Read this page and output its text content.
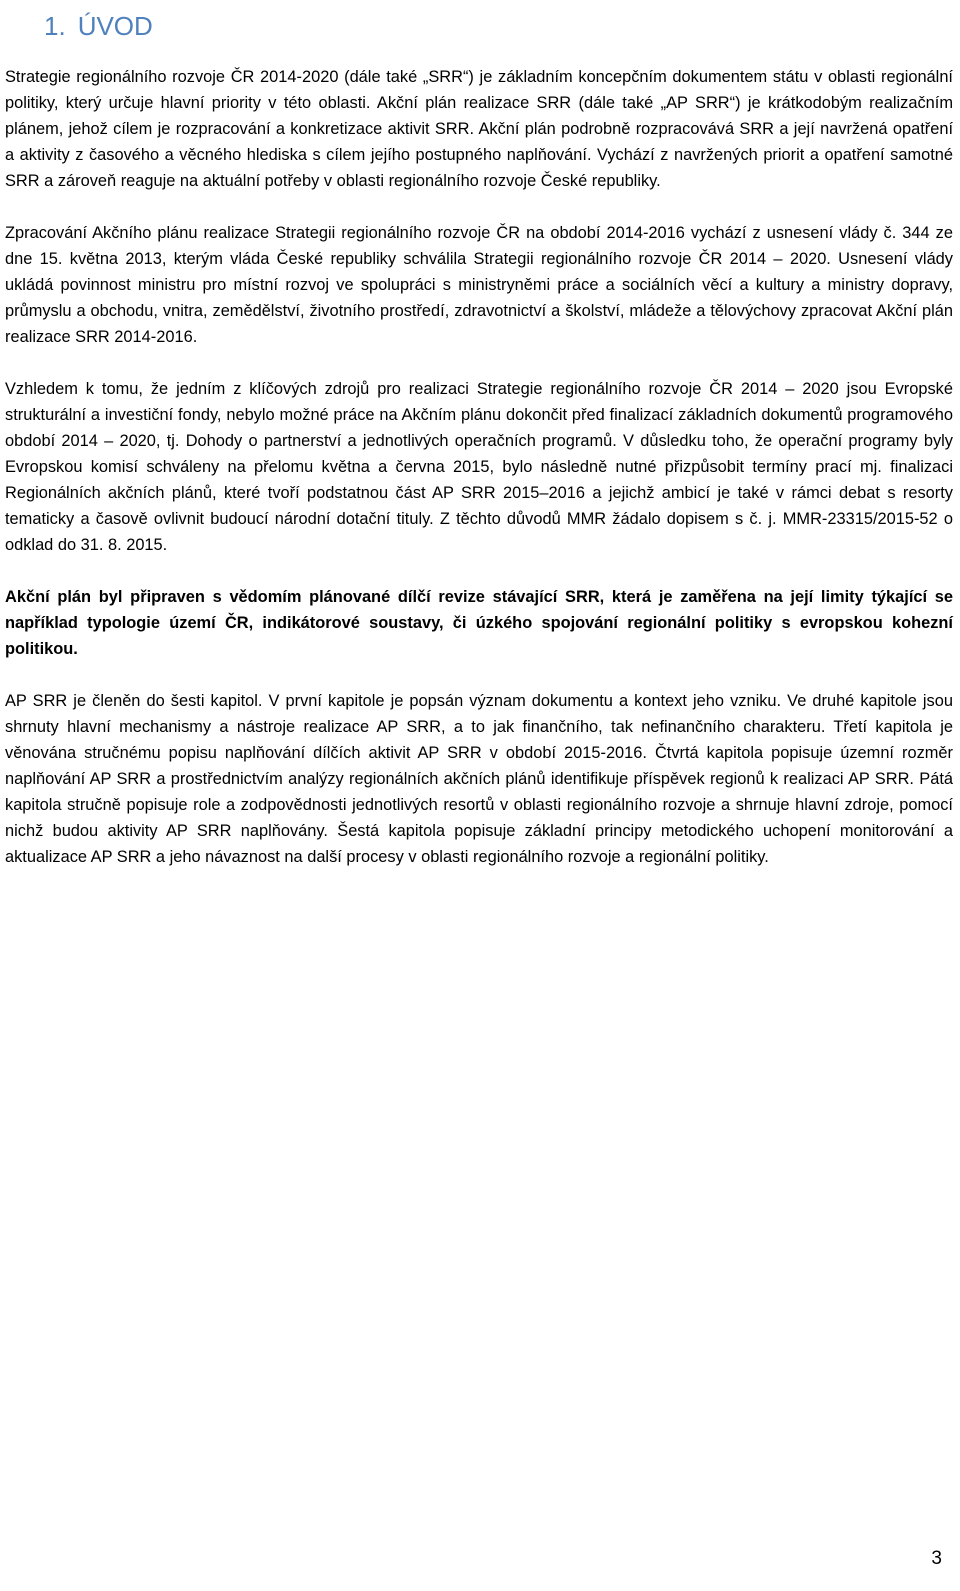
1. ÚVOD

Strategie regionálního rozvoje ČR 2014-2020 (dále také „SRR“) je základním koncepčním dokumentem státu v oblasti regionální politiky, který určuje hlavní priority v této oblasti. Akční plán realizace SRR (dále také „AP SRR“) je krátkodobým realizačním plánem, jehož cílem je rozpracování a konkretizace aktivit SRR. Akční plán podrobně rozpracovává SRR a její navržená opatření a aktivity z časového a věcného hlediska s cílem jejího postupného naplňování. Vychází z navržených priorit a opatření samotné SRR a zároveň reaguje na aktuální potřeby v oblasti regionálního rozvoje České republiky.

Zpracování Akčního plánu realizace Strategii regionálního rozvoje ČR na období 2014-2016 vychází z usnesení vlády č. 344 ze dne 15. května 2013, kterým vláda České republiky schválila Strategii regionálního rozvoje ČR 2014 – 2020. Usnesení vlády ukládá povinnost ministru pro místní rozvoj ve spolupráci s ministryněmi práce a sociálních věcí a kultury a ministry dopravy, průmyslu a obchodu, vnitra, zemědělství, životního prostředí, zdravotnictví a školství, mládeže a tělovýchovy zpracovat Akční plán realizace SRR 2014-2016.

Vzhledem k tomu, že jedním z klíčových zdrojů pro realizaci Strategie regionálního rozvoje ČR 2014 – 2020 jsou Evropské strukturální a investiční fondy, nebylo možné práce na Akčním plánu dokončit před finalizací základních dokumentů programového období 2014 – 2020, tj. Dohody o partnerství a jednotlivých operačních programů. V důsledku toho, že operační programy byly Evropskou komisí schváleny na přelomu května a června 2015, bylo následně nutné přizpůsobit termíny prací mj. finalizaci Regionálních akčních plánů, které tvoří podstatnou část AP SRR 2015–2016 a jejichž ambicí je také v rámci debat s resorty tematicky a časově ovlivnit budoucí národní dotační tituly. Z těchto důvodů MMR žádalo dopisem s č. j. MMR-23315/2015-52 o odklad do 31. 8. 2015.

Akční plán byl připraven s vědomím plánované dílčí revize stávající SRR, která je zaměřena na její limity týkající se například typologie území ČR, indikátorové soustavy, či úzkého spojování regionální politiky s evropskou kohezní politikou.

AP SRR je členěn do šesti kapitol. V první kapitole je popsán význam dokumentu a kontext jeho vzniku. Ve druhé kapitole jsou shrnuty hlavní mechanismy a nástroje realizace AP SRR, a to jak finančního, tak nefinančního charakteru. Třetí kapitola je věnována stručnému popisu naplňování dílčích aktivit AP SRR v období 2015-2016. Čtvrtá kapitola popisuje územní rozměr naplňování AP SRR a prostřednictvím analýzy regionálních akčních plánů identifikuje příspěvek regionů k realizaci AP SRR. Pátá kapitola stručně popisuje role a zodpovědnosti jednotlivých resortů v oblasti regionálního rozvoje a shrnuje hlavní zdroje, pomocí nichž budou aktivity AP SRR naplňovány. Šestá kapitola popisuje základní principy metodického uchopení monitorování a aktualizace AP SRR a jeho návaznost na další procesy v oblasti regionálního rozvoje a regionální politiky.

3
